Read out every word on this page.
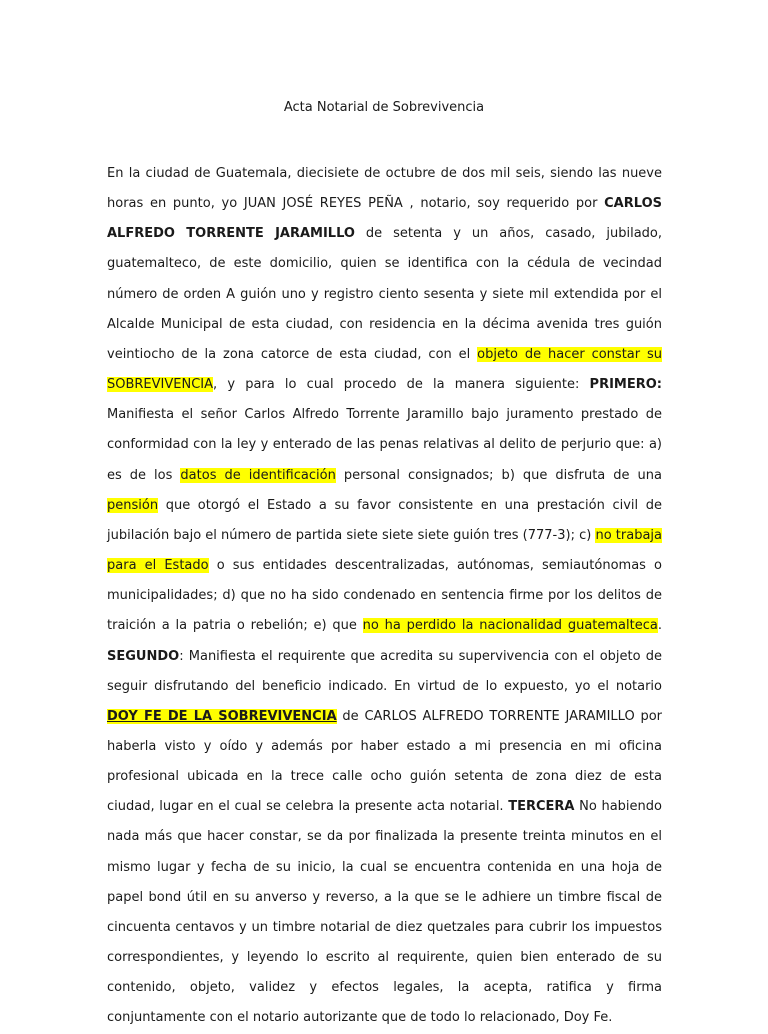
Acta Notarial de Sobrevivencia

En la ciudad de Guatemala, diecisiete de octubre de dos mil seis, siendo las nueve horas en punto, yo JUAN JOSÉ REYES PEÑA , notario, soy requerido por CARLOS ALFREDO TORRENTE JARAMILLO de setenta y un años, casado, jubilado, guatemalteco, de este domicilio, quien se identifica con la cédula de vecindad número de orden A guión uno y registro ciento sesenta y siete mil extendida por el Alcalde Municipal de esta ciudad, con residencia en la décima avenida tres guión veintiocho de la zona catorce de esta ciudad, con el objeto de hacer constar su SOBREVIVENCIA, y para lo cual procedo de la manera siguiente: PRIMERO: Manifiesta el señor Carlos Alfredo Torrente Jaramillo bajo juramento prestado de conformidad con la ley y enterado de las penas relativas al delito de perjurio que: a) es de los datos de identificación personal consignados; b) que disfruta de una pensión que otorgó el Estado a su favor consistente en una prestación civil de jubilación bajo el número de partida siete siete siete guión tres (777-3); c) no trabaja para el Estado o sus entidades descentralizadas, autónomas, semiautónomas o municipalidades; d) que no ha sido condenado en sentencia firme por los delitos de traición a la patria o rebelión; e) que no ha perdido la nacionalidad guatemalteca. SEGUNDO: Manifiesta el requirente que acredita su supervivencia con el objeto de seguir disfrutando del beneficio indicado. En virtud de lo expuesto, yo el notario DOY FE DE LA SOBREVIVENCIA de CARLOS ALFREDO TORRENTE JARAMILLO por haberla visto y oído y además por haber estado a mi presencia en mi oficina profesional ubicada en la trece calle ocho guión setenta de zona diez de esta ciudad, lugar en el cual se celebra la presente acta notarial. TERCERA No habiendo nada más que hacer constar, se da por finalizada la presente treinta minutos en el mismo lugar y fecha de su inicio, la cual se encuentra contenida en una hoja de papel bond útil en su anverso y reverso, a la que se le adhiere un timbre fiscal de cincuenta centavos y un timbre notarial de diez quetzales para cubrir los impuestos correspondientes, y leyendo lo escrito al requirente, quien bien enterado de su contenido, objeto, validez y efectos legales, la acepta, ratifica y firma conjuntamente con el notario autorizante que de todo lo relacionado, Doy Fe.
